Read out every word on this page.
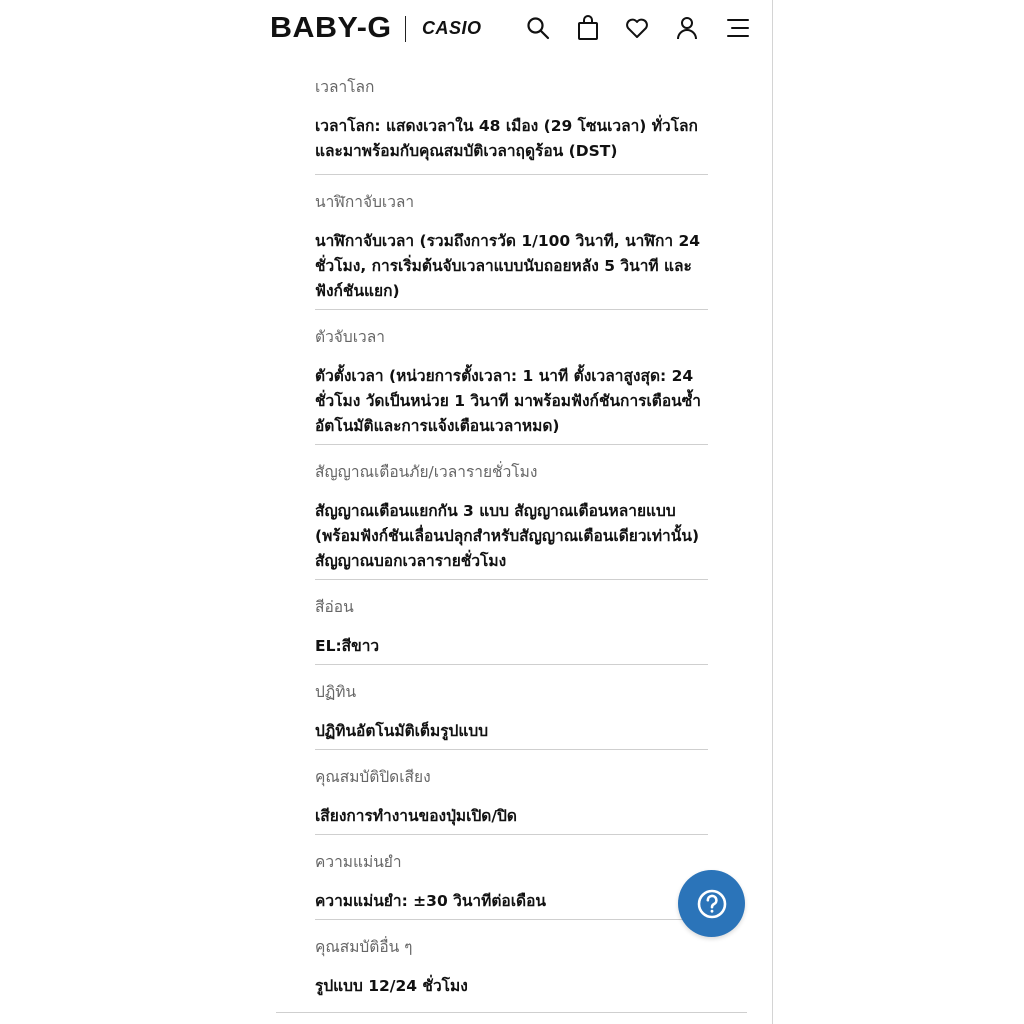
BABY-G CASIO
เวลาโลก
เวลาโลก: แสดงเวลาใน 48 เมือง (29 โซนเวลา) ทั่วโลก และมาพร้อมกับคุณสมบัติเวลาฤดูร้อน (DST)
นาฬิกาจับเวลา
นาฬิกาจับเวลา (รวมถึงการวัด 1/100 วินาที, นาฬิกา 24 ชั่วโมง, การเริ่มต้นจับเวลาแบบนับถอยหลัง 5 วินาที และฟังก์ชันแยก)
ตัวจับเวลา
ตัวตั้งเวลา (หน่วยการตั้งเวลา: 1 นาที ตั้งเวลาสูงสุด: 24 ชั่วโมง วัดเป็นหน่วย 1 วินาที มาพร้อมฟังก์ชันการเตือนซ้ำอัตโนมัติและการแจ้งเตือนเวลาหมด)
สัญญาณเตือนภัย/เวลารายชั่วโมง
สัญญาณเตือนแยกกัน 3 แบบ สัญญาณเตือนหลายแบบ (พร้อมฟังก์ชันเลื่อนปลุกสำหรับสัญญาณเตือนเดียวเท่านั้น) สัญญาณบอกเวลารายชั่วโมง
สีอ่อน
EL:สีขาว
ปฏิทิน
ปฏิทินอัตโนมัติเต็มรูปแบบ
คุณสมบัติปิดเสียง
เสียงการทำงานของปุ่มเปิด/ปิด
ความแม่นยำ
ความแม่นยำ: ±30 วินาทีต่อเดือน
คุณสมบัติอื่น ๆ
รูปแบบ 12/24 ชั่วโมง
